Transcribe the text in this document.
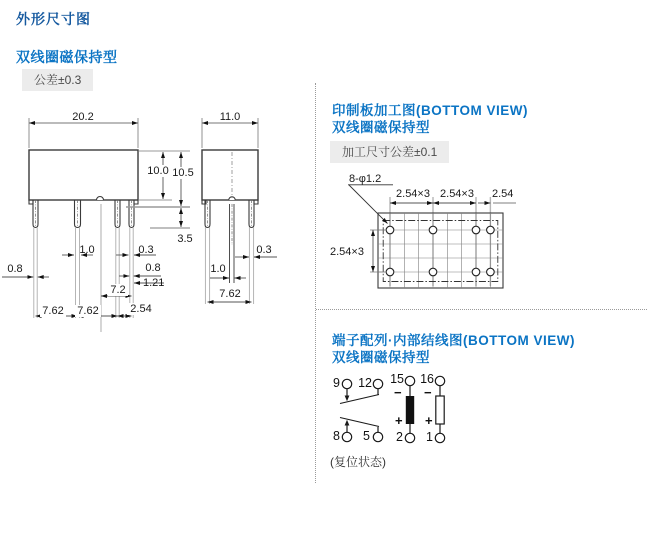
外形尺寸图
双线圈磁保持型
公差±0.3
印制板加工图(BOTTOM VIEW)
双线圈磁保持型
加工尺寸公差±0.1
端子配列·内部结线图(BOTTOM VIEW)
双线圈磁保持型
20.2	11.0
10.0 10.5
3.5
1.0	0.3
0.8	0.8
1.21
7.2
7.62 7.62	2.54
1.0
0.3
7.62
8-φ1.2
2.54×3 2.54×3	2.54
2.54×3
9 12 15 16
8	5	2	1
− −
+ +
(复位状态)
